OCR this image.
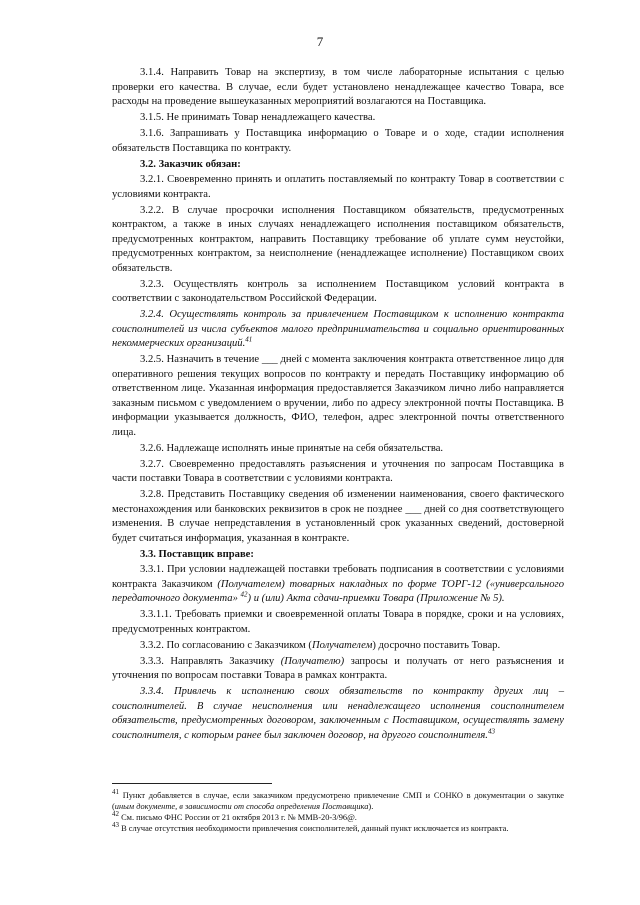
7

3.1.4. Направить Товар на экспертизу, в том числе лабораторные испытания с целью проверки его качества. В случае, если будет установлено ненадлежащее качество Товара, все расходы на проведение вышеуказанных мероприятий возлагаются на Поставщика.

3.1.5. Не принимать Товар ненадлежащего качества.

3.1.6. Запрашивать у Поставщика информацию о Товаре и о ходе, стадии исполнения обязательств Поставщика по контракту.

3.2. Заказчик обязан:

3.2.1. Своевременно принять и оплатить поставляемый по контракту Товар в соответствии с условиями контракта.

3.2.2. В случае просрочки исполнения Поставщиком обязательств, предусмотренных контрактом, а также в иных случаях ненадлежащего исполнения поставщиком обязательств, предусмотренных контрактом, направить Поставщику требование об уплате сумм неустойки, предусмотренных контрактом, за неисполнение (ненадлежащее исполнение) Поставщиком своих обязательств.

3.2.3. Осуществлять контроль за исполнением Поставщиком условий контракта в соответствии с законодательством Российской Федерации.

3.2.4. Осуществлять контроль за привлечением Поставщиком к исполнению контракта соисполнителей из числа субъектов малого предпринимательства и социально ориентированных некоммерческих организаций.$^{41}$

3.2.5. Назначить в течение ___ дней с момента заключения контракта ответственное лицо для оперативного решения текущих вопросов по контракту и передать Поставщику информацию об ответственном лице. Указанная информация предоставляется Заказчиком лично либо направляется заказным письмом с уведомлением о вручении, либо по адресу электронной почты Поставщика. В информации указывается должность, ФИО, телефон, адрес электронной почты ответственного лица.

3.2.6. Надлежаще исполнять иные принятые на себя обязательства.

3.2.7. Своевременно предоставлять разъяснения и уточнения по запросам Поставщика в части поставки Товара в соответствии с условиями контракта.

3.2.8. Представить Поставщику сведения об изменении наименования, своего фактического местонахождения или банковских реквизитов в срок не позднее ___ дней со дня соответствующего изменения. В случае непредставления в установленный срок указанных сведений, достоверной будет считаться информация, указанная в контракте.

3.3. Поставщик вправе:

3.3.1. При условии надлежащей поставки требовать подписания в соответствии с условиями контракта Заказчиком (Получателем) товарных накладных по форме ТОРГ-12 («универсального передаточного документа» $^{42}$) и (или) Акта сдачи-приемки Товара (Приложение № 5).

3.3.1.1. Требовать приемки и своевременной оплаты Товара в порядке, сроки и на условиях, предусмотренных контрактом.

3.3.2. По согласованию с Заказчиком (Получателем) досрочно поставить Товар.

3.3.3. Направлять Заказчику (Получателю) запросы и получать от него разъяснения и уточнения по вопросам поставки Товара в рамках контракта.

3.3.4. Привлечь к исполнению своих обязательств по контракту других лиц – соисполнителей. В случае неисполнения или ненадлежащего исполнения соисполнителем обязательств, предусмотренных договором, заключенным с Поставщиком, осуществлять замену соисполнителя, с которым ранее был заключен договор, на другого соисполнителя.$^{43}$

$^{41}$ Пункт добавляется в случае, если заказчиком предусмотрено привлечение СМП и СОНКО в документации о закупке (иным документе, в зависимости от способа определения Поставщика).

$^{42}$ См. письмо ФНС России от 21 октября 2013 г. № ММВ-20-3/96@.

$^{43}$ В случае отсутствия необходимости привлечения соисполнителей, данный пункт исключается из контракта.
